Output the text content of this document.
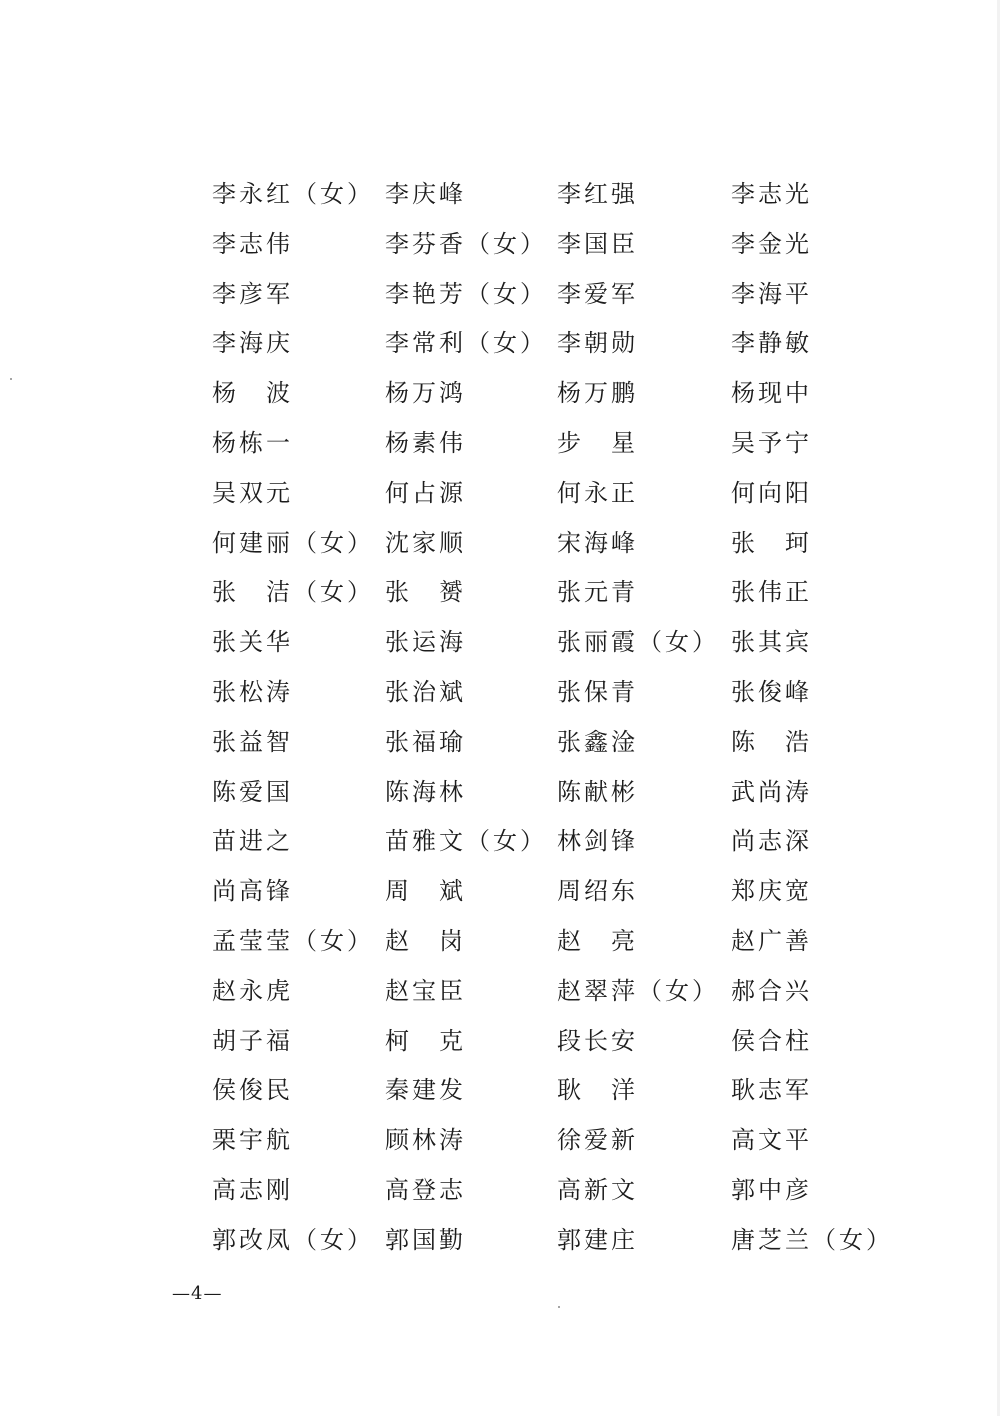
李永红（女） 李庆峰	李红强	李志光
李志伟	李芬香（女） 李国臣	李金光
李彦军	李艳芳（女） 李爱军	李海平
李海庆	李常利（女） 李朝勋	李静敏
杨　波	杨万鸿	杨万鹏	杨现中
杨栋一	杨素伟	步　星	吴予宁
吴双元	何占源	何永正	何向阳
何建丽（女） 沈家顺	宋海峰	张　珂
张　洁（女） 张　赟	张元青	张伟正
张关华	张运海	张丽霞（女） 张其宾
张松涛	张治斌	张保青	张俊峰
张益智	张福瑜	张鑫淦	陈　浩
陈爱国	陈海林	陈献彬	武尚涛
苗进之	苗雅文（女） 林剑锋	尚志深
尚高锋	周　斌	周绍东	郑庆宽
孟莹莹（女） 赵　岗	赵　亮	赵广善
赵永虎	赵宝臣	赵翠萍（女） 郝合兴
胡子福	柯　克	段长安	侯合柱
侯俊民	秦建发	耿　洋	耿志军
栗宇航	顾林涛	徐爱新	高文平
高志刚	高登志	高新文	郭中彦
郭改凤（女） 郭国勤	郭建庄	唐芝兰（女）
—4—
